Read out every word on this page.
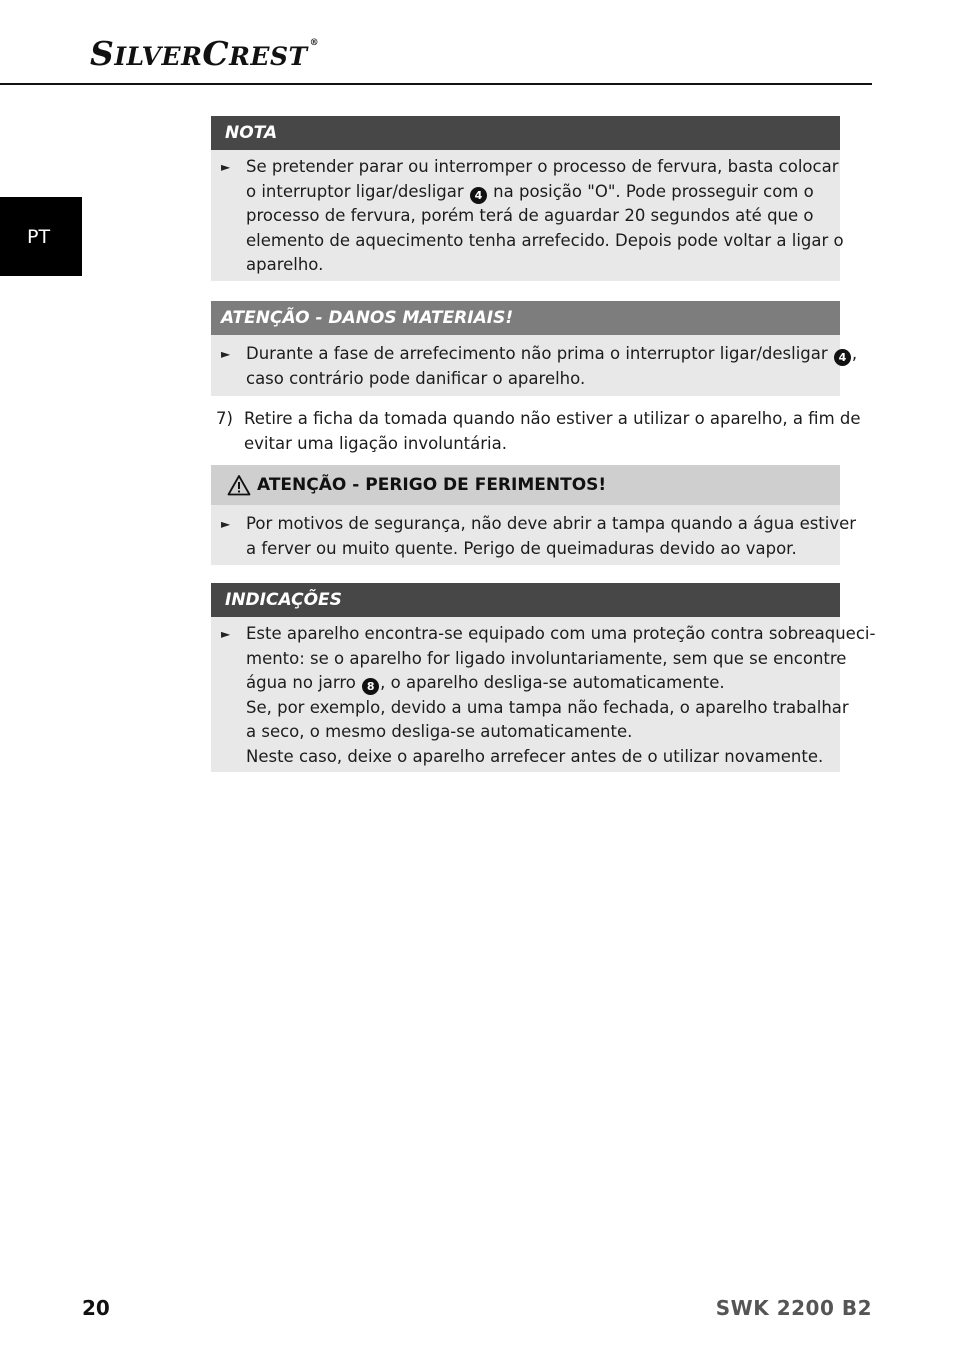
SILVERCREST ®
PT
NOTA
► Se pretender parar ou interromper o processo de fervura, basta colocar
o interruptor ligar/desligar 4 na posição "O". Pode prosseguir com o
processo de fervura, porém terá de aguardar 20 segundos até que o
elemento de aquecimento tenha arrefecido. Depois pode voltar a ligar o
aparelho.
ATENÇÃO - DANOS MATERIAIS!
► Durante a fase de arrefecimento não prima o interruptor ligar/desligar 4 ,
caso contrário pode danificar o aparelho.
7) Retire a ficha da tomada quando não estiver a utilizar o aparelho, a fim de
evitar uma ligação involuntária.
ATENÇÃO - PERIGO DE FERIMENTOS!
► Por motivos de segurança, não deve abrir a tampa quando a água estiver
a ferver ou muito quente. Perigo de queimaduras devido ao vapor.
INDICAÇÕES
► Este aparelho encontra-se equipado com uma proteção contra sobreaqueci-
mento: se o aparelho for ligado involuntariamente, sem que se encontre
água no jarro 8 , o aparelho desliga-se automaticamente.
Se, por exemplo, devido a uma tampa não fechada, o aparelho trabalhar
a seco, o mesmo desliga-se automaticamente.
Neste caso, deixe o aparelho arrefecer antes de o utilizar novamente.
20	SWK 2200 B2
